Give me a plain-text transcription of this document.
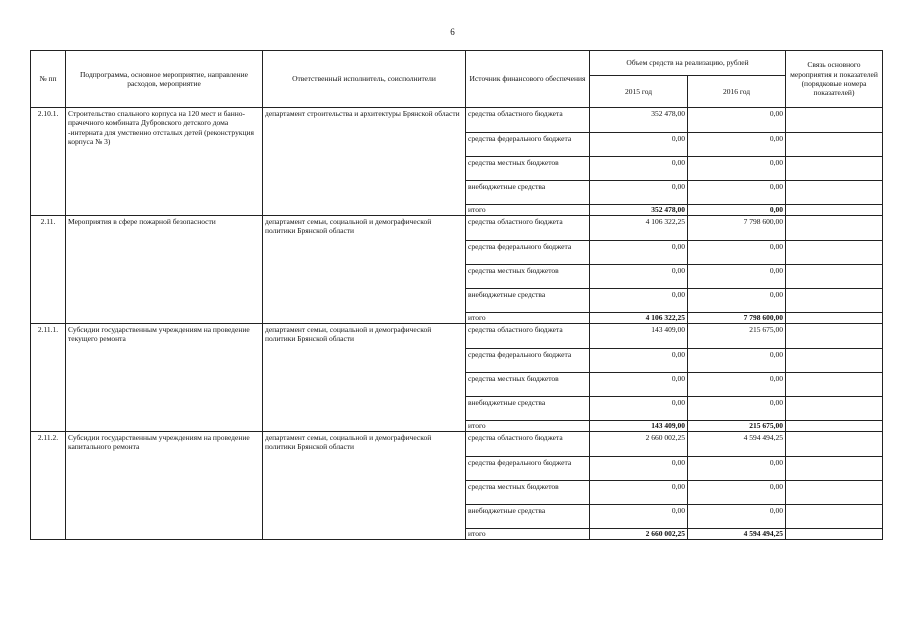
6
№ пп	Подпрограмма, основное мероприятие, направление расходов, мероприятие	Ответственный исполнитель, соисполнители	Источник финансового обеспечения	Объем средств на реализацию, рублей		Связь основного мероприятия и показателей (порядковые номера показателей)
				2015 год	2016 год	
2.10.1.	Строительство спального корпуса на 120 мест и банно-прачечного комбината Дубровского детского дома -интерната для умственно отсталых детей (реконструкция корпуса № 3)	департамент строительства и архитектуры Брянской области	средства областного бюджета	352 478,00	0,00	
			средства федерального бюджета	0,00	0,00	
			средства местных бюджетов	0,00	0,00	
			внебюджетные средства	0,00	0,00	
			итого	352 478,00	0,00	
2.11.	Мероприятия в сфере пожарной безопасности	департамент семьи, социальной и демографической политики Брянской области	средства областного бюджета	4 106 322,25	7 798 600,00	
			средства федерального бюджета	0,00	0,00	
			средства местных бюджетов	0,00	0,00	
			внебюджетные средства	0,00	0,00	
			итого	4 106 322,25	7 798 600,00	
2.11.1.	Субсидии государственным учреждениям на проведение текущего ремонта	департамент семьи, социальной и демографической политики Брянской области	средства областного бюджета	143 409,00	215 675,00	
			средства федерального бюджета	0,00	0,00	
			средства местных бюджетов	0,00	0,00	
			внебюджетные средства	0,00	0,00	
			итого	143 409,00	215 675,00	
2.11.2.	Субсидии государственным учреждениям на проведение капитального ремонта	департамент семьи, социальной и демографической политики Брянской области	средства областного бюджета	2 660 002,25	4 594 494,25	
			средства федерального бюджета	0,00	0,00	
			средства местных бюджетов	0,00	0,00	
			внебюджетные средства	0,00	0,00	
			итого	2 660 002,25	4 594 494,25	
